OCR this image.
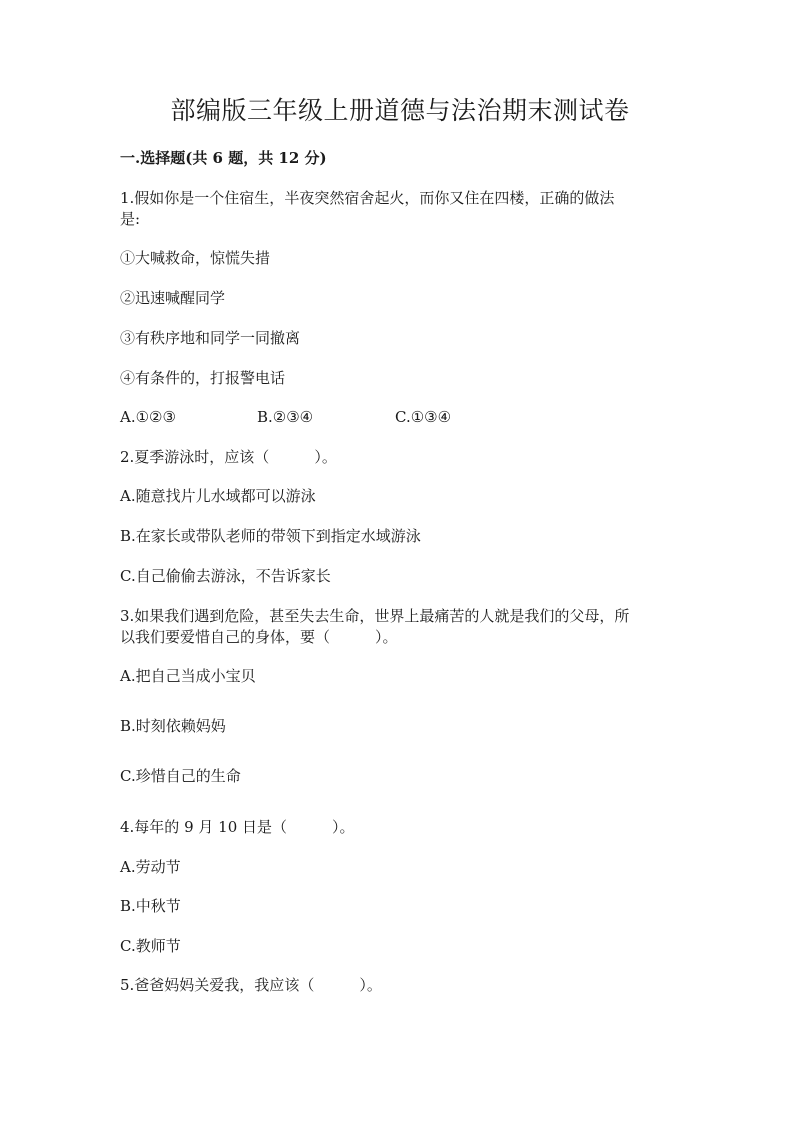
部编版三年级上册道德与法治期末测试卷
一.选择题(共 6 题，共 12 分)
1.假如你是一个住宿生，半夜突然宿舍起火，而你又住在四楼，正确的做法
是:
①大喊救命，惊慌失措
②迅速喊醒同学
③有秩序地和同学一同撤离
④有条件的，打报警电话
A.①②③	B.②③④	C.①③④
2.夏季游泳时，应该（　　　）。
A.随意找片儿水域都可以游泳
B.在家长或带队老师的带领下到指定水域游泳
C.自己偷偷去游泳，不告诉家长
3.如果我们遇到危险，甚至失去生命，世界上最痛苦的人就是我们的父母，所
以我们要爱惜自己的身体，要（　　　）。
A.把自己当成小宝贝
B.时刻依赖妈妈
C.珍惜自己的生命
4.每年的 9 月 10 日是（　　　）。
A.劳动节
B.中秋节
C.教师节
5.爸爸妈妈关爱我，我应该（　　　）。
